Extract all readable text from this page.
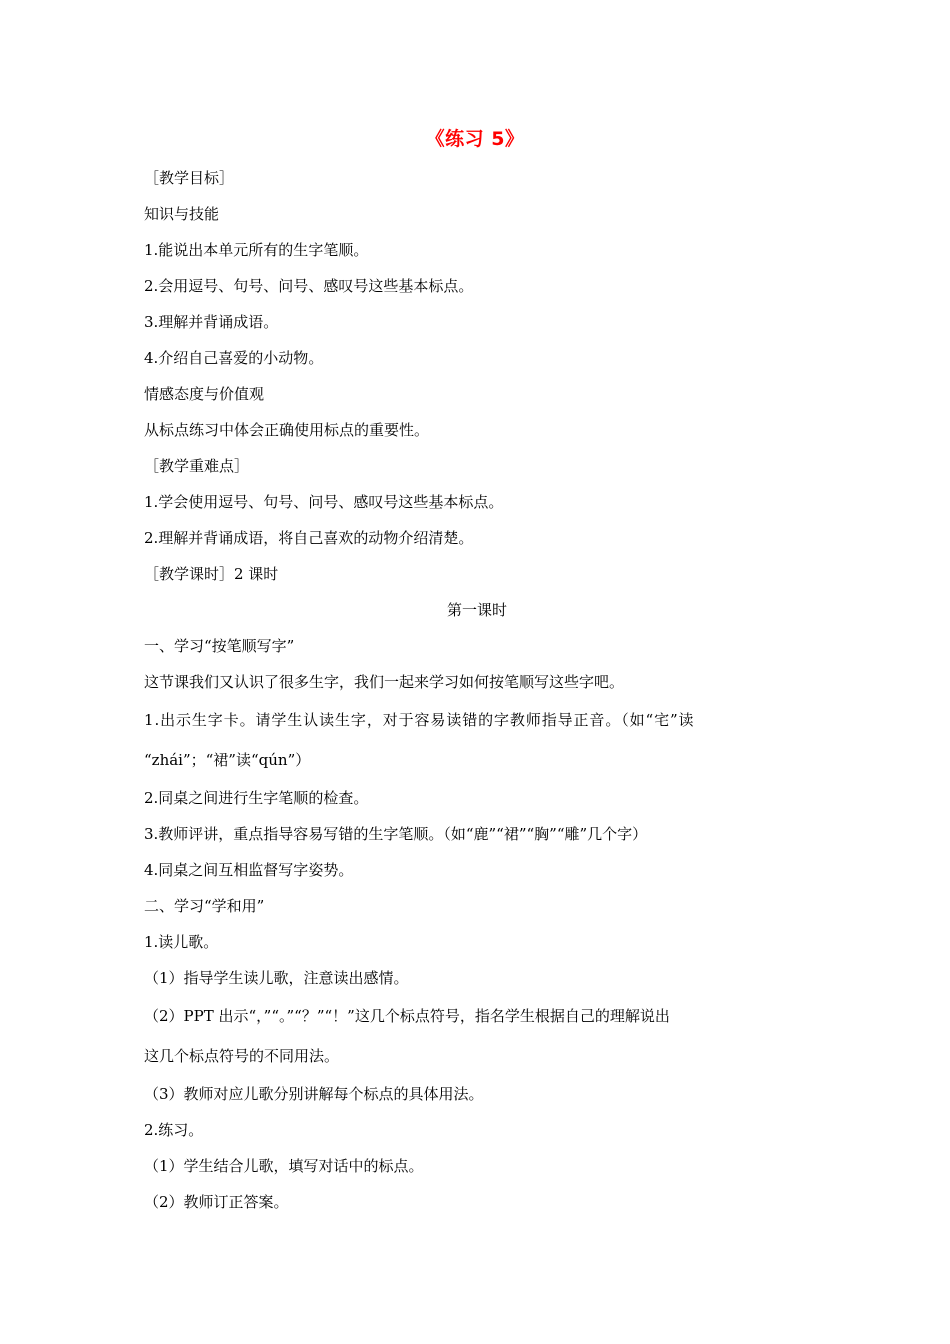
《练习 5》
［教学目标］
知识与技能
1.能说出本单元所有的生字笔顺。
2.会用逗号、句号、问号、感叹号这些基本标点。
3.理解并背诵成语。
4.介绍自己喜爱的小动物。
情感态度与价值观
从标点练习中体会正确使用标点的重要性。
［教学重难点］
1.学会使用逗号、句号、问号、感叹号这些基本标点。
2.理解并背诵成语，将自己喜欢的动物介绍清楚。
［教学课时］2 课时
第一课时
一、学习“按笔顺写字”
这节课我们又认识了很多生字，我们一起来学习如何按笔顺写这些字吧。
1.出示生字卡。请学生认读生字，对于容易读错的字教师指导正音。（如“宅”读
“zhái”；“裙”读“qún”）
2.同桌之间进行生字笔顺的检查。
3.教师评讲，重点指导容易写错的生字笔顺。（如“鹿”“裙”“胸”“雕”几个字）
4.同桌之间互相监督写字姿势。
二、学习“学和用”
1.读儿歌。
（1）指导学生读儿歌，注意读出感情。
（2）PPT 出示“，”“。”“？”“！”这几个标点符号，指名学生根据自己的理解说出
这几个标点符号的不同用法。
（3）教师对应儿歌分别讲解每个标点的具体用法。
2.练习。
（1）学生结合儿歌，填写对话中的标点。
（2）教师订正答案。
